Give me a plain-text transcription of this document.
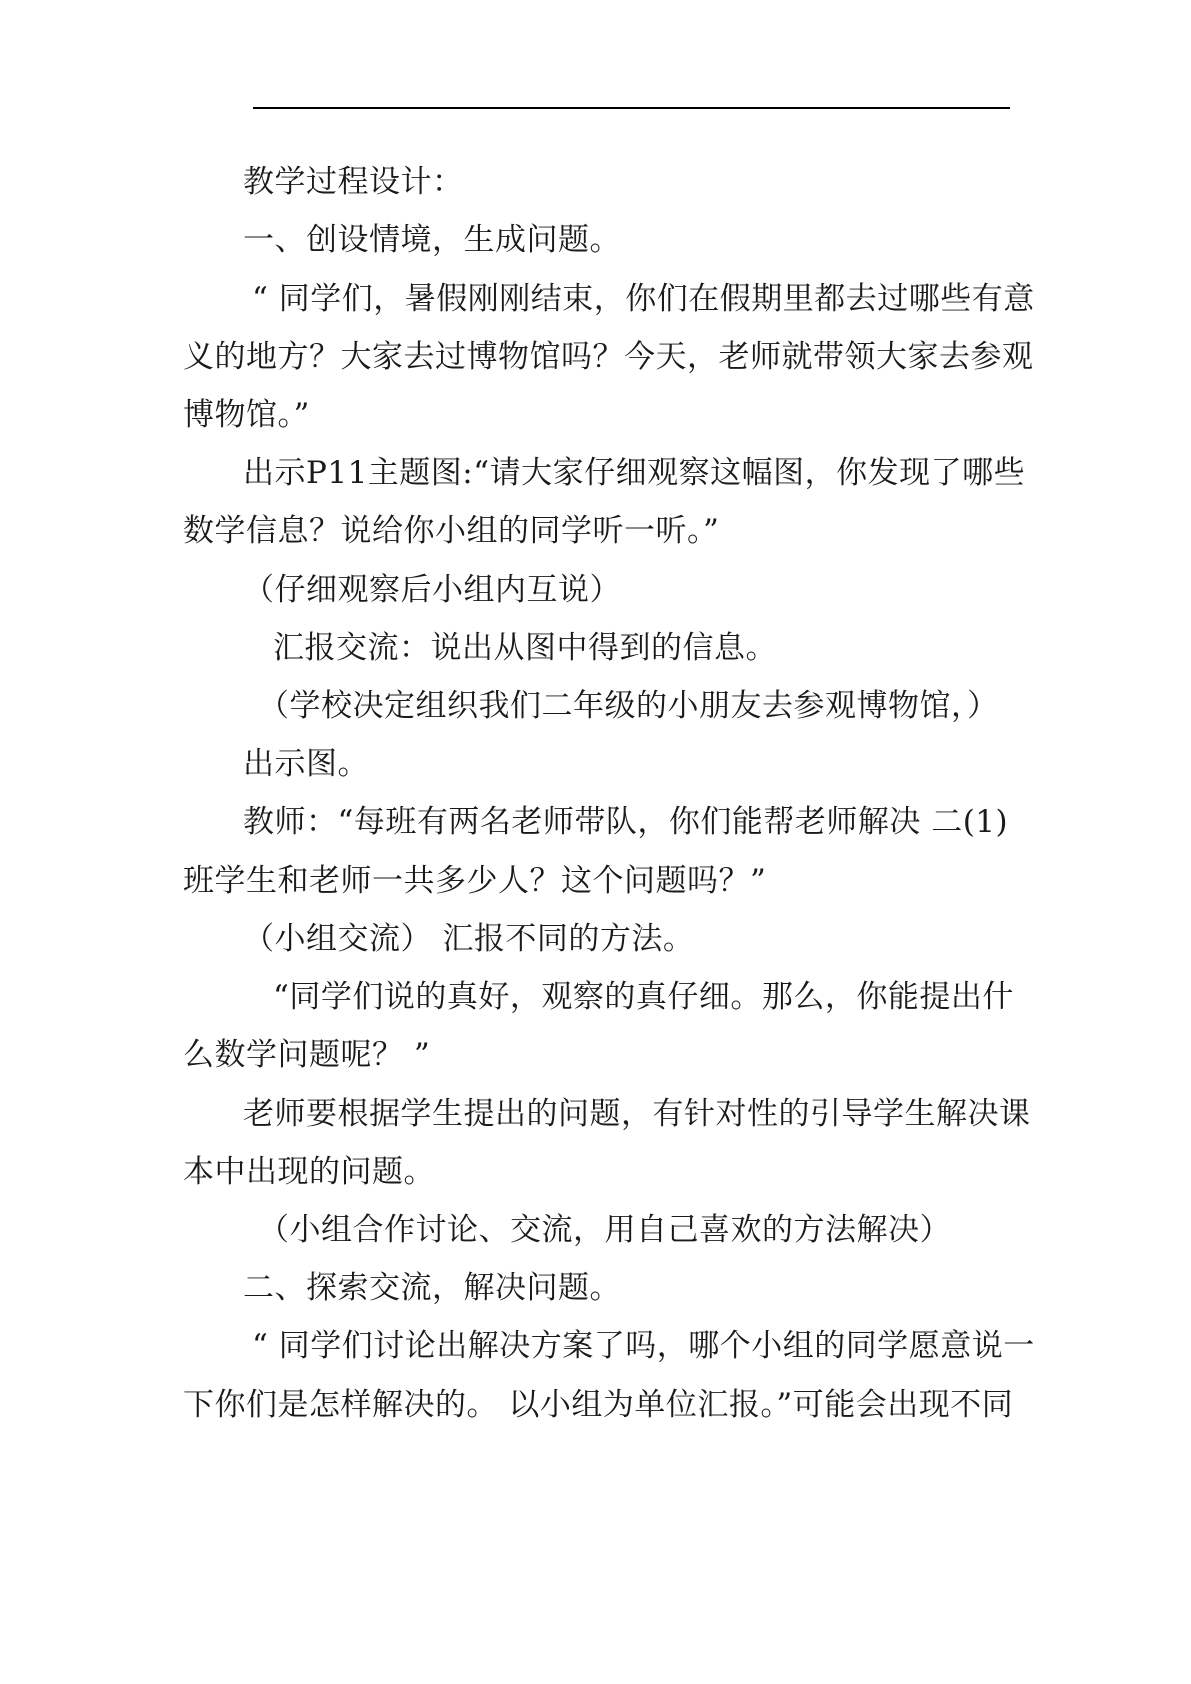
教学过程设计：
一、创设情境，生成问题。
“ 同学们，暑假刚刚结束，你们在假期里都去过哪些有意
义的地方？大家去过博物馆吗？今天，老师就带领大家去参观
博物馆。”
出示P11主题图:“请大家仔细观察这幅图，你发现了哪些
数学信息？说给你小组的同学听一听。”
（仔细观察后小组内互说）
汇报交流：说出从图中得到的信息。
（学校决定组织我们二年级的小朋友去参观博物馆，）
出示图。
教师：“每班有两名老师带队，你们能帮老师解决 二(1)
班学生和老师一共多少人？这个问题吗？”
（小组交流） 汇报不同的方法。
“同学们说的真好，观察的真仔细。那么，你能提出什
么数学问题呢？ ”
老师要根据学生提出的问题，有针对性的引导学生解决课
本中出现的问题。
（小组合作讨论、交流，用自己喜欢的方法解决）
二、探索交流，解决问题。
“ 同学们讨论出解决方案了吗，哪个小组的同学愿意说一
下你们是怎样解决的。 以小组为单位汇报。”可能会出现不同
